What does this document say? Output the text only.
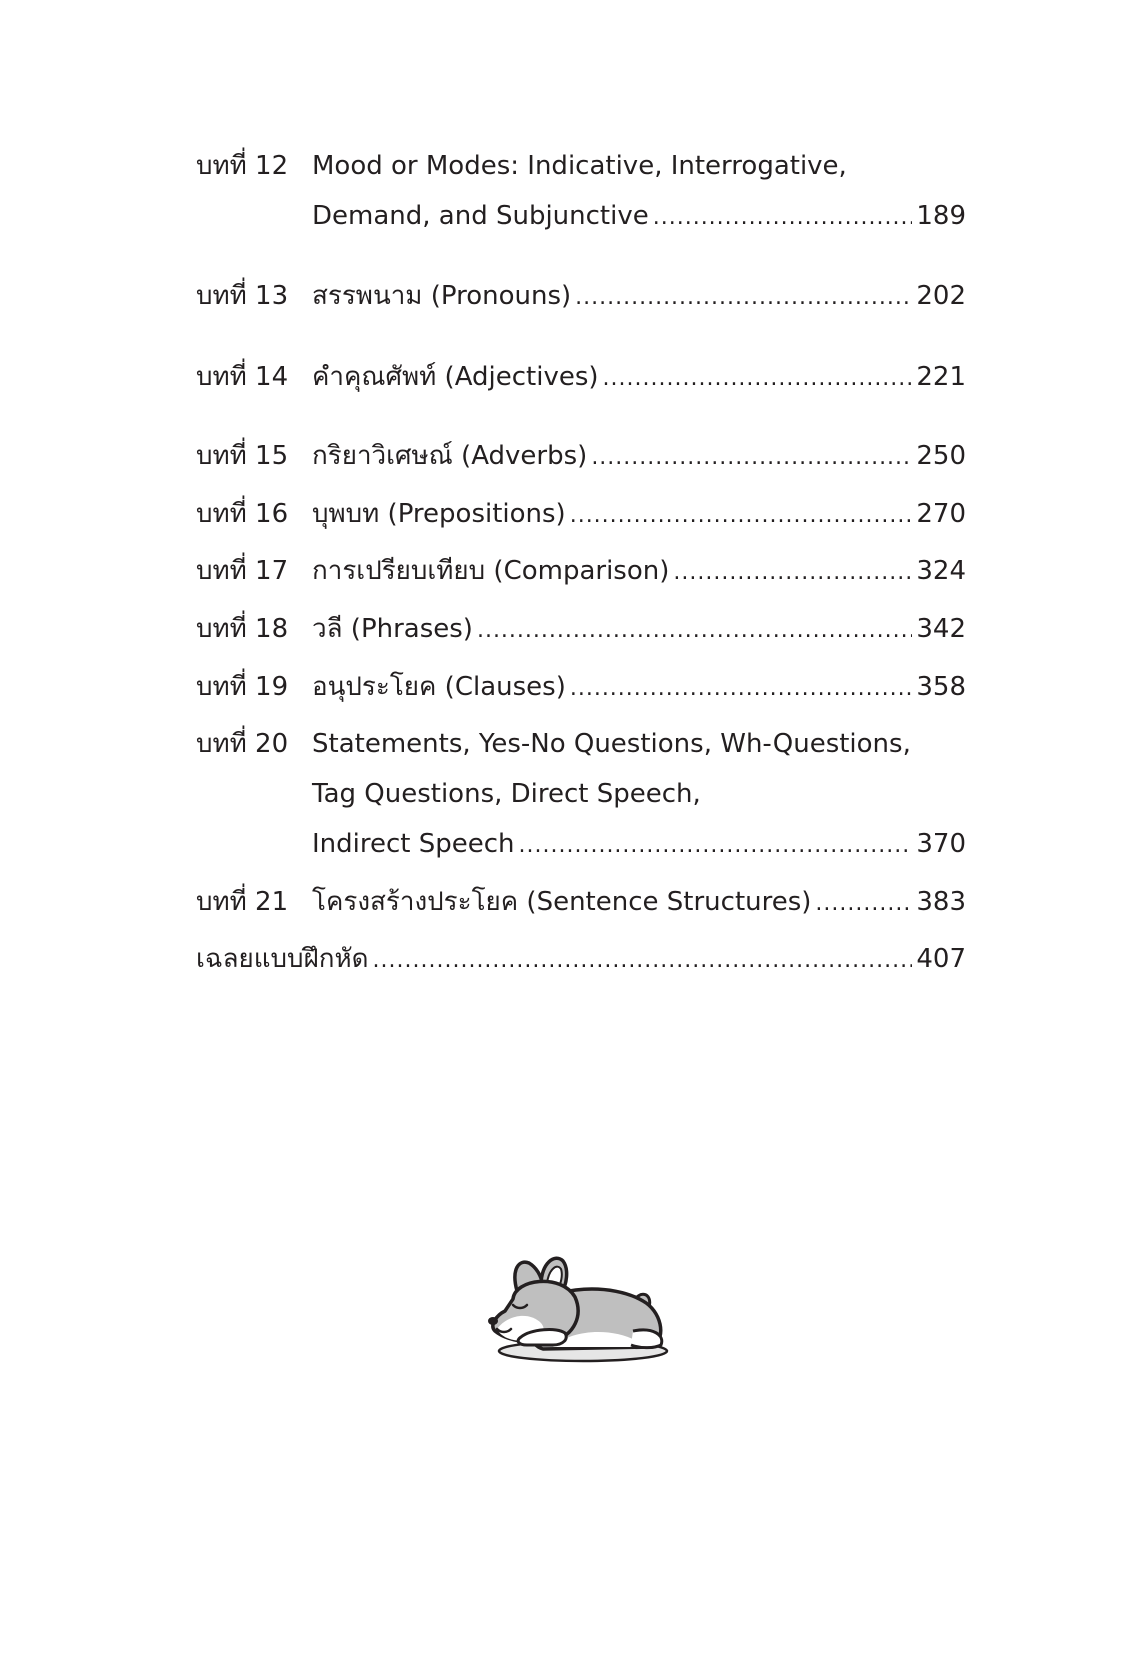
บทที่ 12 Mood or Modes: Indicative, Interrogative,
Demand, and Subjunctive .....	189
บทที่ 13 สรรพนาม (Pronouns) .....	202
บทที่ 14 คำคุณศัพท์ (Adjectives) .....	221
บทที่ 15 กริยาวิเศษณ์ (Adverbs) .....	250
บทที่ 16 บุพบท (Prepositions) .....	270
บทที่ 17 การเปรียบเทียบ (Comparison) .....	324
บทที่ 18 วลี (Phrases) .....	342
บทที่ 19 อนุประโยค (Clauses) .....	358
บทที่ 20 Statements, Yes-No Questions, Wh-Questions,
Tag Questions, Direct Speech,
Indirect Speech .....	370
บทที่ 21 โครงสร้างประโยค (Sentence Structures) .....	383
เฉลยแบบฝึกหัด .....	407
